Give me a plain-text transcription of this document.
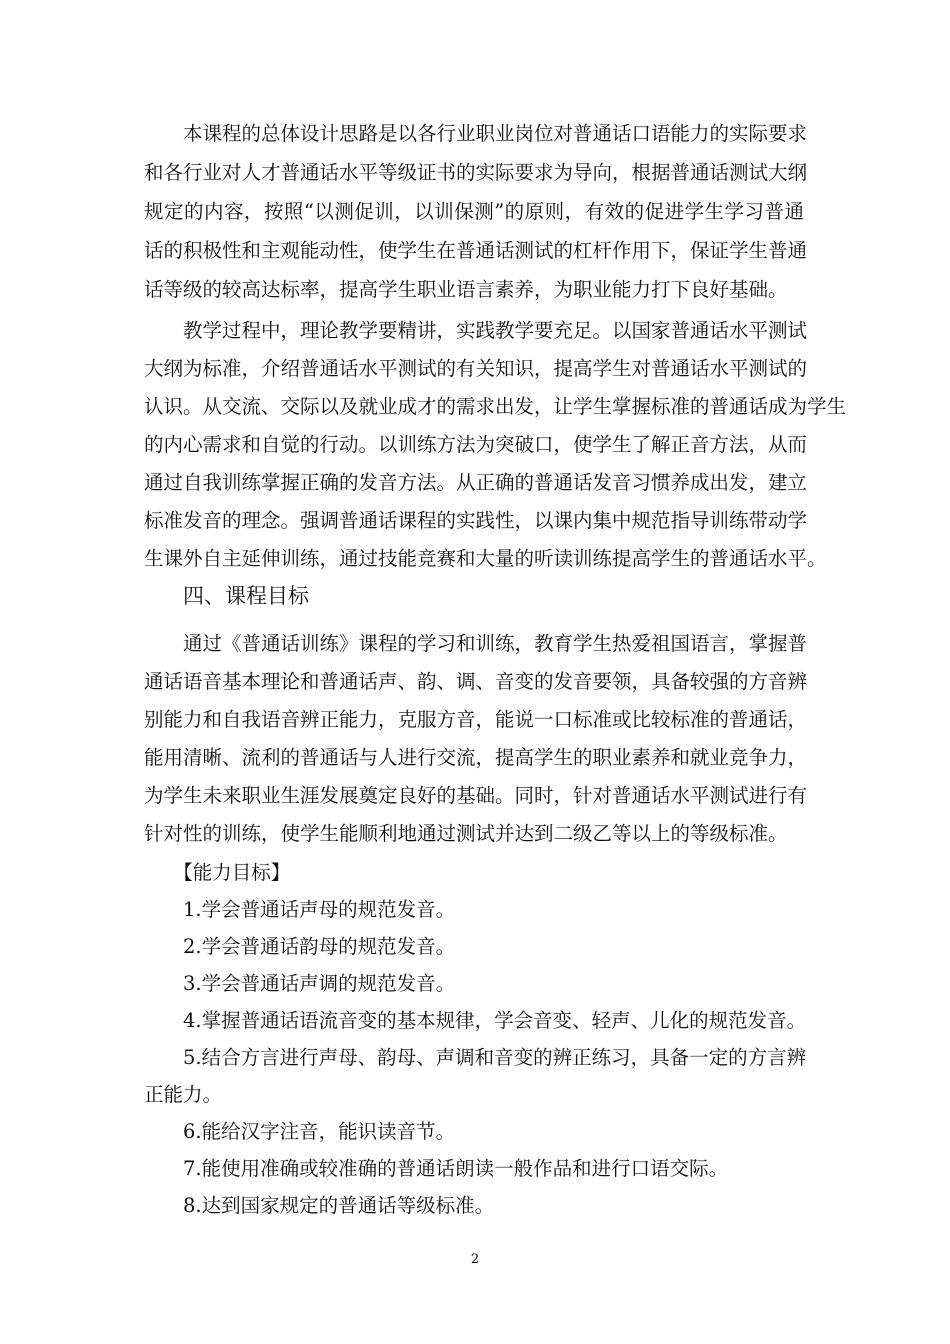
　　本课程的总体设计思路是以各行业职业岗位对普通话口语能力的实际要求
和各行业对人才普通话水平等级证书的实际要求为导向，根据普通话测试大纲
规定的内容，按照“以测促训，以训保测”的原则，有效的促进学生学习普通
话的积极性和主观能动性，使学生在普通话测试的杠杆作用下，保证学生普通
话等级的较高达标率，提高学生职业语言素养，为职业能力打下良好基础。
　　教学过程中，理论教学要精讲，实践教学要充足。以国家普通话水平测试
大纲为标准，介绍普通话水平测试的有关知识，提高学生对普通话水平测试的
认识。从交流、交际以及就业成才的需求出发，让学生掌握标准的普通话成为学生
的内心需求和自觉的行动。以训练方法为突破口，使学生了解正音方法，从而
通过自我训练掌握正确的发音方法。从正确的普通话发音习惯养成出发，建立
标准发音的理念。强调普通话课程的实践性，以课内集中规范指导训练带动学
生课外自主延伸训练，通过技能竞赛和大量的听读训练提高学生的普通话水平。
四、课程目标
　　通过《普通话训练》课程的学习和训练，教育学生热爱祖国语言，掌握普
通话语音基本理论和普通话声、韵、调、音变的发音要领，具备较强的方音辨
别能力和自我语音辨正能力，克服方音，能说一口标准或比较标准的普通话，
能用清晰、流利的普通话与人进行交流，提高学生的职业素养和就业竞争力，
为学生未来职业生涯发展奠定良好的基础。同时，针对普通话水平测试进行有
针对性的训练，使学生能顺利地通过测试并达到二级乙等以上的等级标准。
　　【能力目标】
　　1.学会普通话声母的规范发音。
　　2.学会普通话韵母的规范发音。
　　3.学会普通话声调的规范发音。
　　4.掌握普通话语流音变的基本规律，学会音变、轻声、儿化的规范发音。
　　5.结合方言进行声母、韵母、声调和音变的辨正练习，具备一定的方言辨
正能力。
　　6.能给汉字注音，能识读音节。
　　7.能使用准确或较准确的普通话朗读一般作品和进行口语交际。
　　8.达到国家规定的普通话等级标准。
2
